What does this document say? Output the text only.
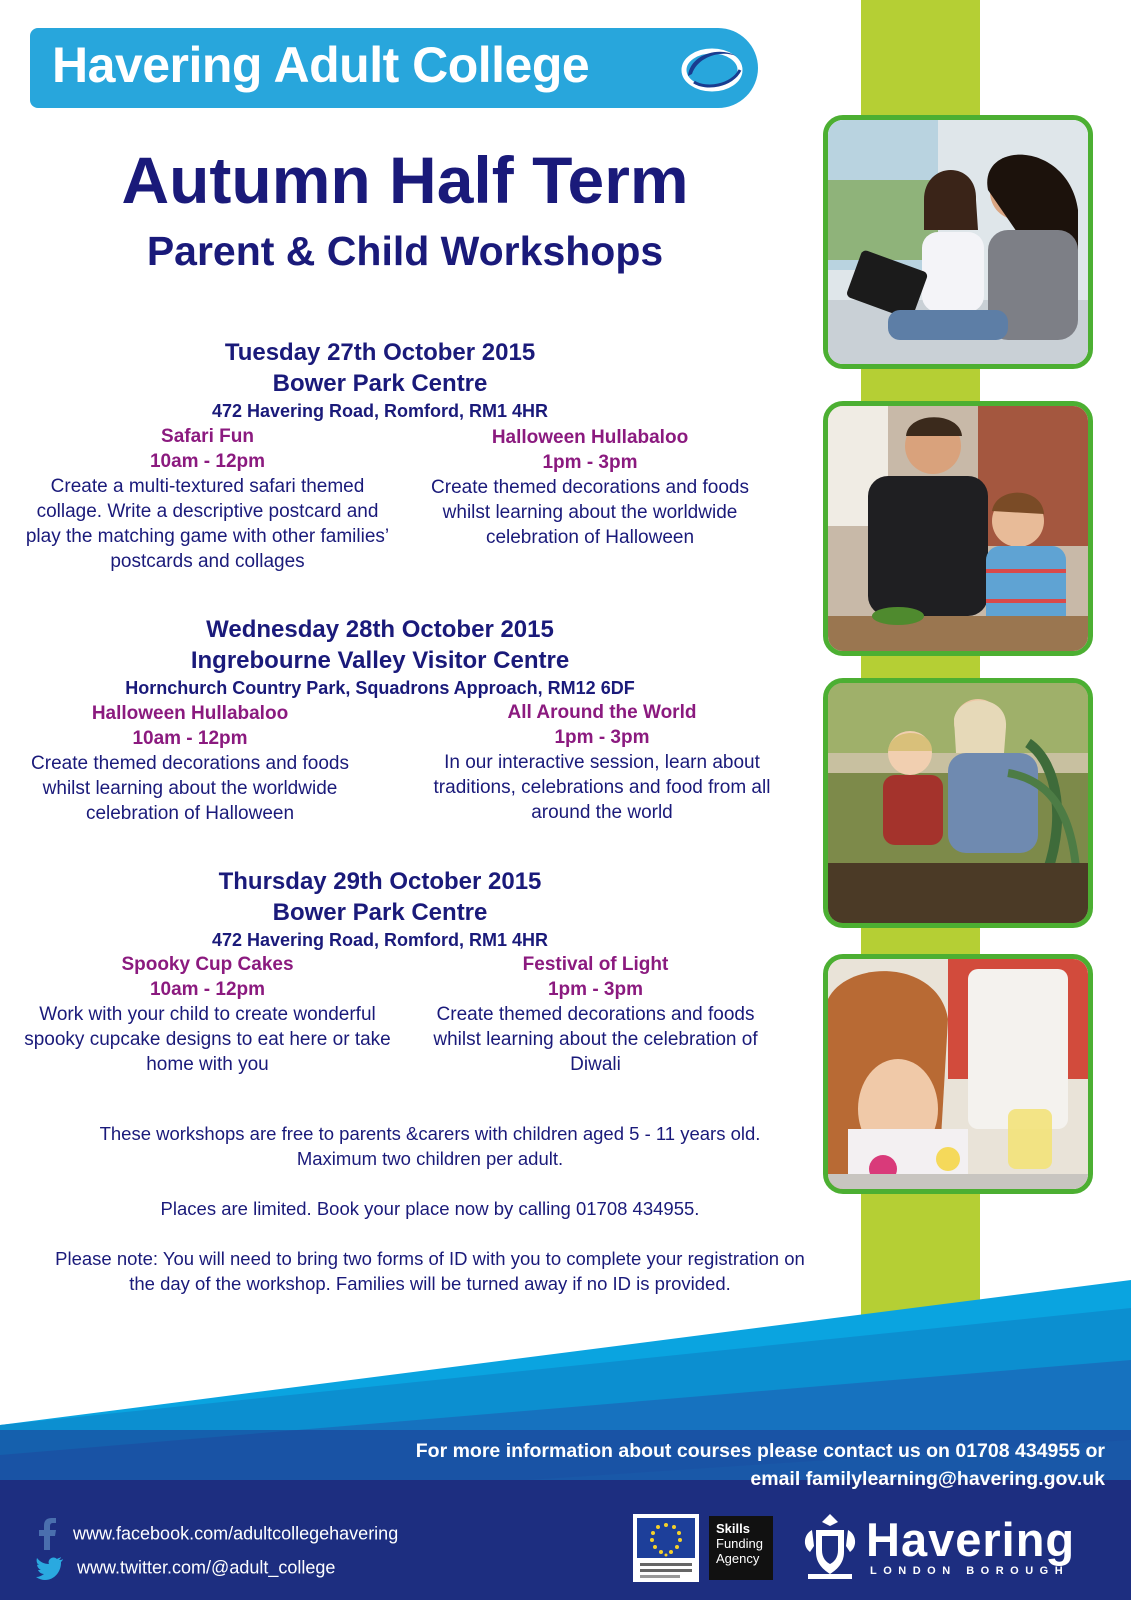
Havering Adult College
Autumn Half Term
Parent & Child Workshops
Tuesday 27th October 2015
Bower Park Centre
472 Havering Road, Romford, RM1 4HR
Safari Fun
10am - 12pm
Create a multi-textured safari themed collage. Write a descriptive postcard and play the matching game with other families’ postcards and collages
Halloween Hullabaloo
1pm - 3pm
Create themed decorations and foods whilst learning about the worldwide celebration of Halloween
Wednesday 28th October 2015
Ingrebourne Valley Visitor Centre
Hornchurch Country Park, Squadrons Approach, RM12 6DF
Halloween Hullabaloo
10am - 12pm
Create themed decorations and foods whilst learning about the worldwide celebration of Halloween
All Around the World
1pm - 3pm
In our interactive session, learn about traditions, celebrations and food from all around the world
Thursday 29th October 2015
Bower Park Centre
472 Havering Road, Romford, RM1 4HR
Spooky Cup Cakes
10am - 12pm
Work with your child to create wonderful spooky cupcake designs to eat here or take home with you
Festival of Light
1pm - 3pm
Create themed decorations and foods whilst learning about the celebration of Diwali
These workshops are free to parents &carers with children aged 5 - 11 years old.
Maximum two children per adult.
Places are limited. Book your place now by calling 01708 434955.
Please note: You will need to bring two forms of ID with you to complete your registration on
the day of the workshop. Families will be turned away if no ID is provided.
For more information about courses please contact us on 01708 434955 or
email familylearning@havering.gov.uk
www.facebook.com/adultcollegehavering
www.twitter.com/@adult_college
Skills
Funding
Agency Havering
LONDON BOROUGH
